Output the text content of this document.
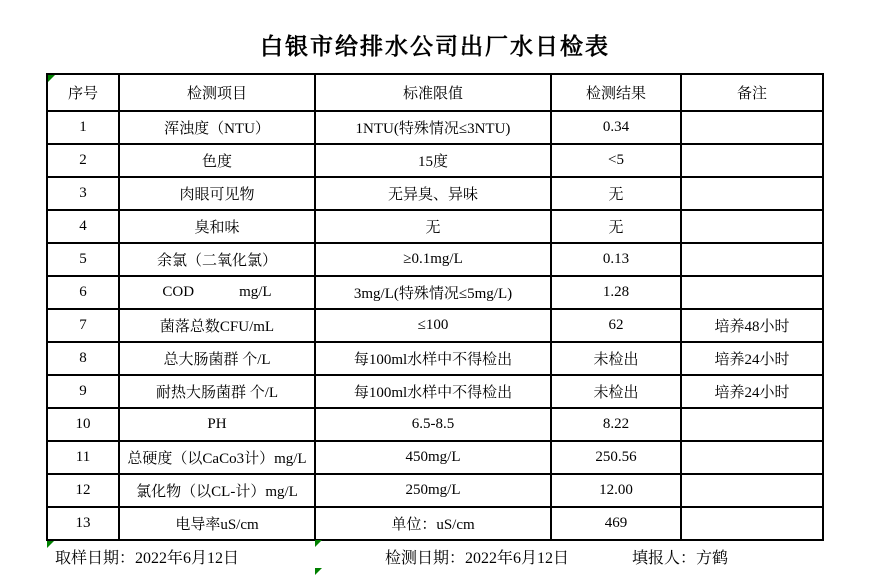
白银市给排水公司出厂水日检表
序号	检测项目	标准限值	检测结果	备注
1	浑浊度（NTU）	1NTU(特殊情况≤3NTU)	0.34	
2	色度	15度	<5	
3	肉眼可见物	无异臭、异味	无	
4	臭和味	无	无	
5	余氯（二氧化氯）	≥0.1mg/L	0.13	
6	COD            mg/L	3mg/L(特殊情况≤5mg/L)	1.28	
7	菌落总数CFU/mL	≤100	62	培养48小时
8	总大肠菌群 个/L	每100ml水样中不得检出	未检出	培养24小时
9	耐热大肠菌群 个/L	每100ml水样中不得检出	未检出	培养24小时
10	PH	6.5-8.5	8.22	
11	总硬度（以CaCo3计）mg/L	450mg/L	250.56	
12	氯化物（以CL-计）mg/L	250mg/L	12.00	
13	电导率uS/cm	单位：uS/cm	469	
取样日期：2022年6月12日	检测日期：2022年6月12日	填报人：方鹤
